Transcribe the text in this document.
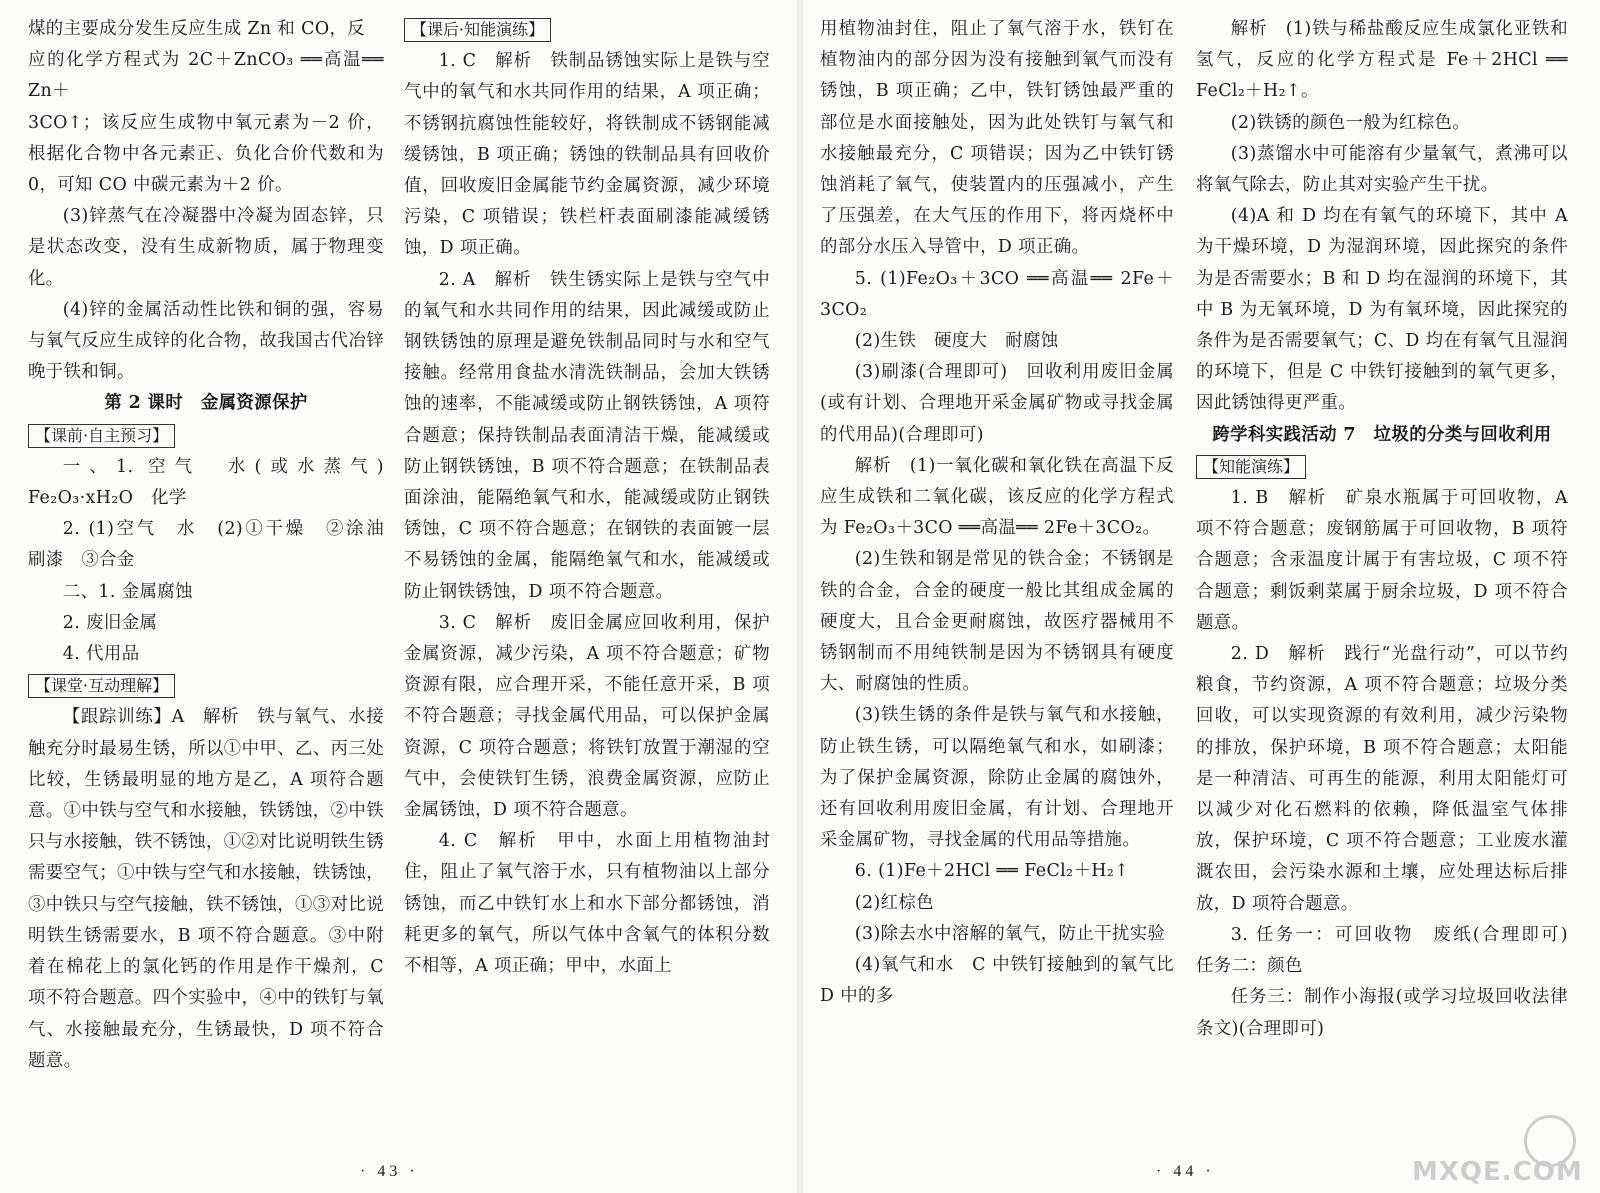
煤的主要成分发生反应生成 Zn 和 CO，反

应的化学方程式为 2C＋ZnCO₃ ══高温══ Zn＋

3CO↑；该反应生成物中氧元素为－2 价，根据化合物中各元素正、负化合价代数和为 0，可知 CO 中碳元素为＋2 价。

(3)锌蒸气在冷凝器中冷凝为固态锌，只是状态改变，没有生成新物质，属于物理变化。

(4)锌的金属活动性比铁和铜的强，容易与氧气反应生成锌的化合物，故我国古代冶锌晚于铁和铜。

第 2 课时　金属资源保护

【课前·自主预习】

一、1. 空气　水(或水蒸气)　Fe₂O₃·xH₂O　化学

2. (1)空气　水　(2)①干燥　②涂油　刷漆　③合金

二、1. 金属腐蚀

2. 废旧金属

4. 代用品

【课堂·互动理解】

【跟踪训练】A　解析　铁与氧气、水接触充分时最易生锈，所以①中甲、乙、丙三处比较，生锈最明显的地方是乙，A 项符合题意。①中铁与空气和水接触，铁锈蚀，②中铁只与水接触，铁不锈蚀，①②对比说明铁生锈需要空气；①中铁与空气和水接触，铁锈蚀，③中铁只与空气接触，铁不锈蚀，①③对比说明铁生锈需要水，B 项不符合题意。③中附着在棉花上的氯化钙的作用是作干燥剂，C 项不符合题意。四个实验中，④中的铁钉与氧气、水接触最充分，生锈最快，D 项不符合题意。

【课后·知能演练】

1. C　解析　铁制品锈蚀实际上是铁与空气中的氧气和水共同作用的结果，A 项正确；不锈钢抗腐蚀性能较好，将铁制成不锈钢能减缓锈蚀，B 项正确；锈蚀的铁制品具有回收价值，回收废旧金属能节约金属资源，减少环境污染，C 项错误；铁栏杆表面刷漆能减缓锈蚀，D 项正确。

2. A　解析　铁生锈实际上是铁与空气中的氧气和水共同作用的结果，因此减缓或防止钢铁锈蚀的原理是避免铁制品同时与水和空气接触。经常用食盐水清洗铁制品，会加大铁锈蚀的速率，不能减缓或防止钢铁锈蚀，A 项符合题意；保持铁制品表面清洁干燥，能减缓或防止钢铁锈蚀，B 项不符合题意；在铁制品表面涂油，能隔绝氧气和水，能减缓或防止钢铁锈蚀，C 项不符合题意；在钢铁的表面镀一层不易锈蚀的金属，能隔绝氧气和水，能减缓或防止钢铁锈蚀，D 项不符合题意。

3. C　解析　废旧金属应回收利用，保护金属资源，减少污染，A 项不符合题意；矿物资源有限，应合理开采，不能任意开采，B 项不符合题意；寻找金属代用品，可以保护金属资源，C 项符合题意；将铁钉放置于潮湿的空气中，会使铁钉生锈，浪费金属资源，应防止金属锈蚀，D 项不符合题意。

4. C　解析　甲中，水面上用植物油封住，阻止了氧气溶于水，只有植物油以上部分锈蚀，而乙中铁钉水上和水下部分都锈蚀，消耗更多的氧气，所以气体中含氧气的体积分数不相等，A 项正确；甲中，水面上

· 43 ·

用植物油封住，阻止了氧气溶于水，铁钉在植物油内的部分因为没有接触到氧气而没有锈蚀，B 项正确；乙中，铁钉锈蚀最严重的部位是水面接触处，因为此处铁钉与氧气和水接触最充分，C 项错误；因为乙中铁钉锈蚀消耗了氧气，使装置内的压强减小，产生了压强差，在大气压的作用下，将丙烧杯中的部分水压入导管中，D 项正确。

5. (1)Fe₂O₃＋3CO ══高温══ 2Fe＋3CO₂

(2)生铁　硬度大　耐腐蚀

(3)刷漆(合理即可)　回收利用废旧金属(或有计划、合理地开采金属矿物或寻找金属的代用品)(合理即可)

解析　(1)一氧化碳和氧化铁在高温下反应生成铁和二氧化碳，该反应的化学方程式为 Fe₂O₃＋3CO ══高温══ 2Fe＋3CO₂。

(2)生铁和钢是常见的铁合金；不锈钢是铁的合金，合金的硬度一般比其组成金属的硬度大，且合金更耐腐蚀，故医疗器械用不锈钢制而不用纯铁制是因为不锈钢具有硬度大、耐腐蚀的性质。

(3)铁生锈的条件是铁与氧气和水接触，防止铁生锈，可以隔绝氧气和水，如刷漆；为了保护金属资源，除防止金属的腐蚀外，还有回收利用废旧金属，有计划、合理地开采金属矿物，寻找金属的代用品等措施。

6. (1)Fe＋2HCl ══ FeCl₂＋H₂↑

(2)红棕色

(3)除去水中溶解的氧气，防止干扰实验

(4)氧气和水　C 中铁钉接触到的氧气比 D 中的多

解析　(1)铁与稀盐酸反应生成氯化亚铁和氢气，反应的化学方程式是 Fe＋2HCl ══ FeCl₂＋H₂↑。

(2)铁锈的颜色一般为红棕色。

(3)蒸馏水中可能溶有少量氧气，煮沸可以将氧气除去，防止其对实验产生干扰。

(4)A 和 D 均在有氧气的环境下，其中 A 为干燥环境，D 为湿润环境，因此探究的条件为是否需要水；B 和 D 均在湿润的环境下，其中 B 为无氧环境，D 为有氧环境，因此探究的条件为是否需要氧气；C、D 均在有氧气且湿润的环境下，但是 C 中铁钉接触到的氧气更多，因此锈蚀得更严重。

跨学科实践活动 7　垃圾的分类与回收利用

【知能演练】

1. B　解析　矿泉水瓶属于可回收物，A 项不符合题意；废钢筋属于可回收物，B 项符合题意；含汞温度计属于有害垃圾，C 项不符合题意；剩饭剩菜属于厨余垃圾，D 项不符合题意。

2. D　解析　践行“光盘行动”，可以节约粮食，节约资源，A 项不符合题意；垃圾分类回收，可以实现资源的有效利用，减少污染物的排放，保护环境，B 项不符合题意；太阳能是一种清洁、可再生的能源，利用太阳能灯可以减少对化石燃料的依赖，降低温室气体排放，保护环境，C 项不符合题意；工业废水灌溉农田，会污染水源和土壤，应处理达标后排放，D 项符合题意。

3. 任务一：可回收物　废纸(合理即可)　任务二：颜色

任务三：制作小海报(或学习垃圾回收法律条文)(合理即可)

· 44 ·	MXQE.COM
